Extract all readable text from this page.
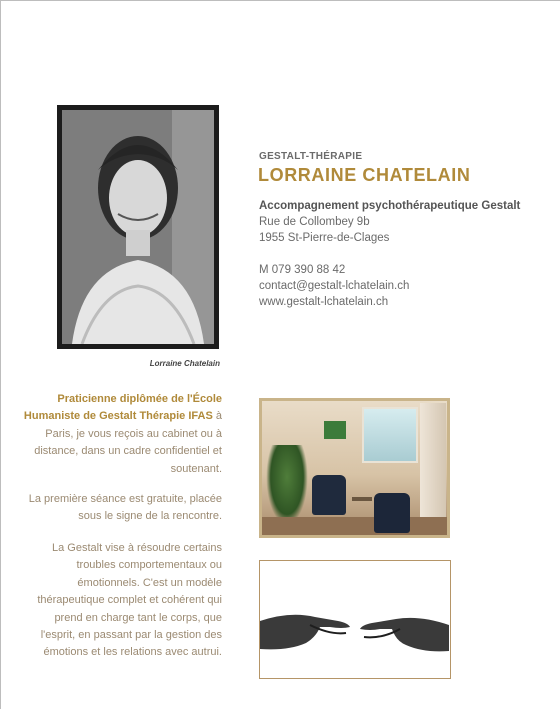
Lorraine Chatelain
GESTALT-THÉRAPIE
LORRAINE CHATELAIN
Accompagnement psychothérapeutique Gestalt
Rue de Collombey 9b
1955 St-Pierre-de-Clages
M 079 390 88 42
contact@gestalt-lchatelain.ch
www.gestalt-lchatelain.ch
Praticienne diplômée de l'École Humaniste de Gestalt Thérapie IFAS à Paris, je vous reçois au cabinet ou à distance, dans un cadre confidentiel et soutenant.
La première séance est gratuite, placée sous le signe de la rencontre.
La Gestalt vise à résoudre certains troubles comportementaux ou émotionnels. C'est un modèle thérapeutique complet et cohérent qui prend en charge tant le corps, que l'esprit, en passant par la gestion des émotions et les relations avec autrui.
